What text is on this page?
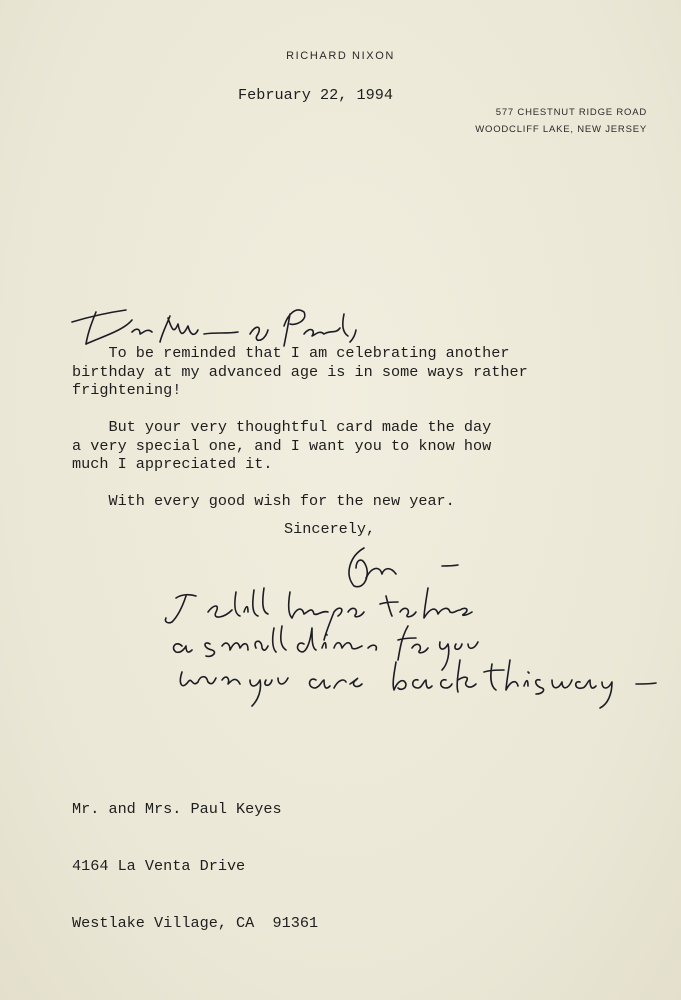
RICHARD NIXON
February 22, 1994
577 CHESTNUT RIDGE ROAD
WOODCLIFF LAKE, NEW JERSEY
To be reminded that I am celebrating another
birthday at my advanced age is in some ways rather
frightening!
But your very thoughtful card made the day
a very special one, and I want you to know how
much I appreciated it.
With every good wish for the new year.
Sincerely,

Mr. and Mrs. Paul Keyes

4164 La Venta Drive

Westlake Village, CA  91361
